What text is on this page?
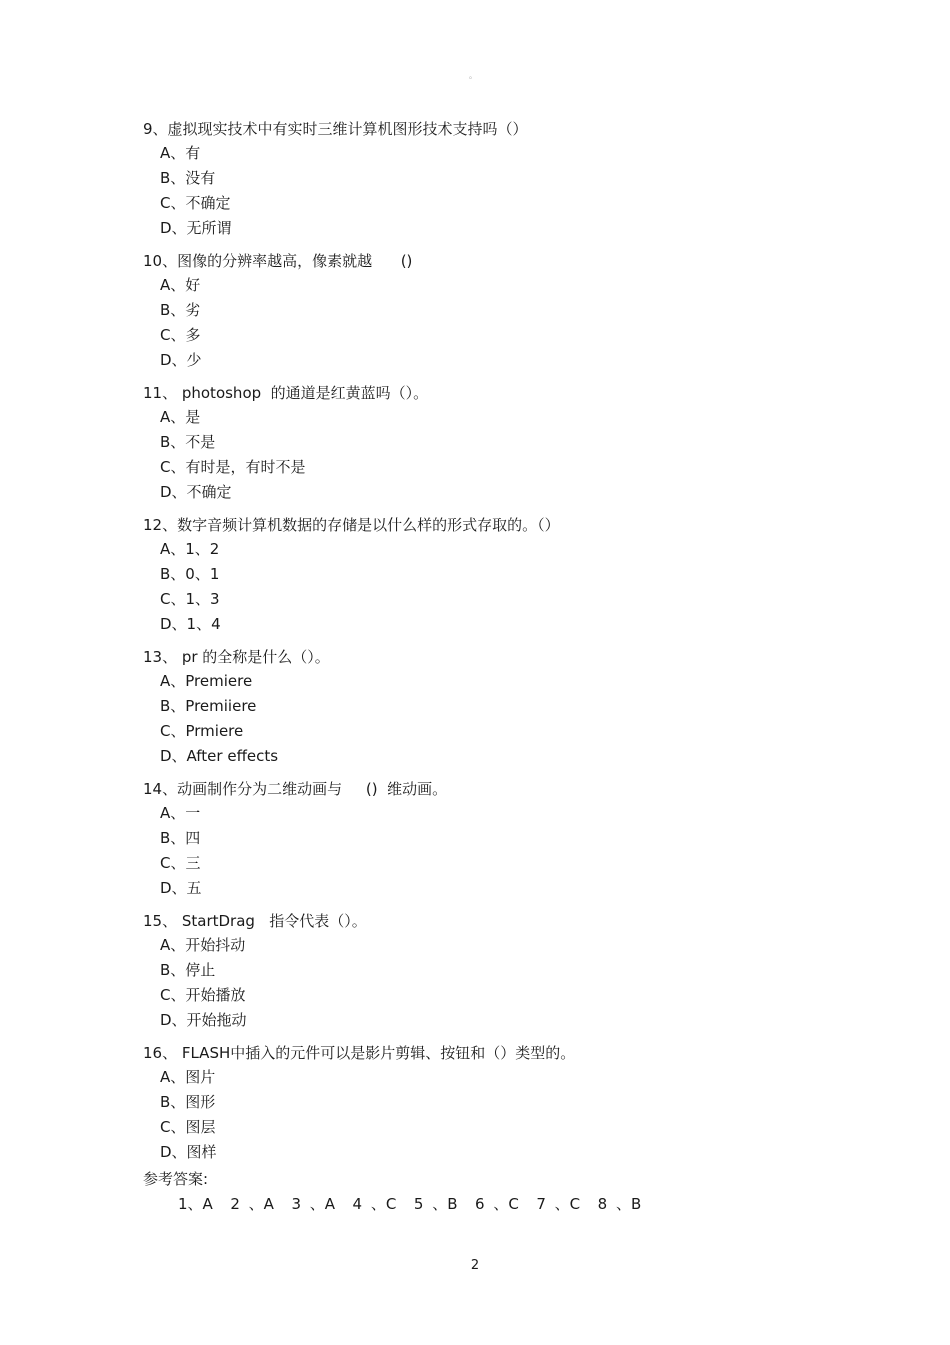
。
9、虚拟现实技术中有实时三维计算机图形技术支持吗（）
A、有
B、没有
C、不确定
D、无所谓
10、图像的分辨率越高，像素就越      ()
A、好
B、劣
C、多
D、少
11、 photoshop  的通道是红黄蓝吗（）。
A、是
B、不是
C、有时是，有时不是
D、不确定
12、数字音频计算机数据的存储是以什么样的形式存取的。（）
A、1、2
B、0、1
C、1、3
D、1、4
13、 pr 的全称是什么（）。
A、Premiere
B、Premiiere
C、Prmiere
D、After effects
14、动画制作分为二维动画与     ()  维动画。
A、一
B、四
C、三
D、五
15、 StartDrag   指令代表（）。
A、开始抖动
B、停止
C、开始播放
D、开始拖动
16、 FLASH中插入的元件可以是影片剪辑、按钮和（）类型的。
A、图片
B、图形
C、图层
D、图样
参考答案:
1、A  2 、A  3 、A  4 、C  5 、B  6 、C  7 、C  8 、B
2
